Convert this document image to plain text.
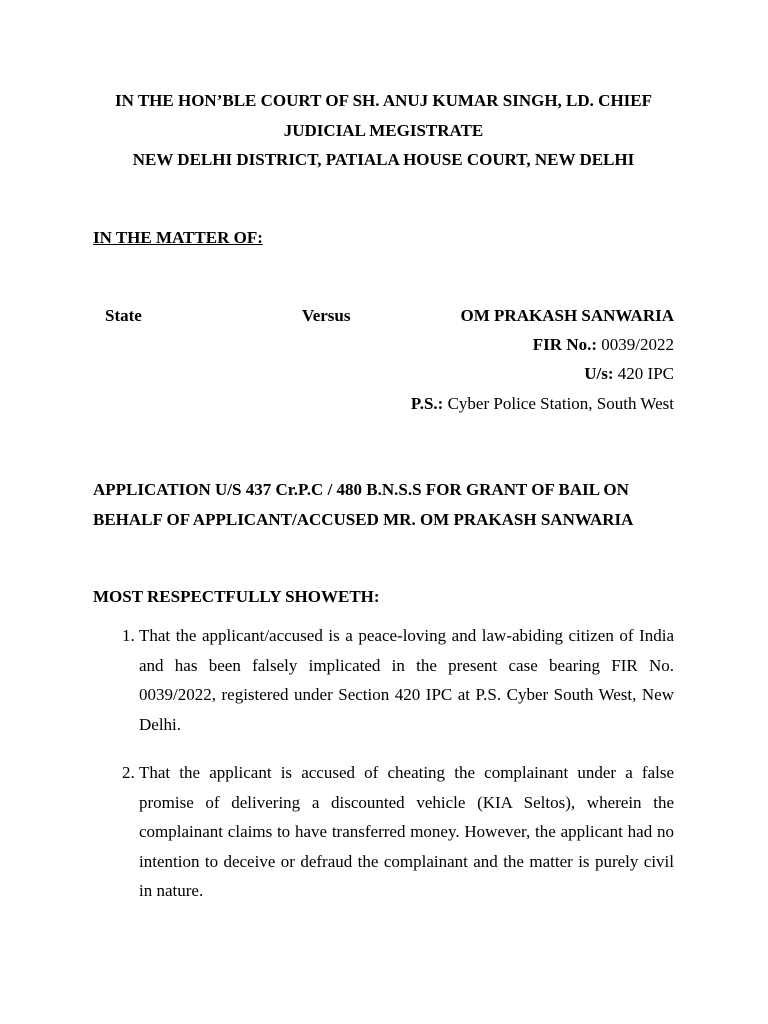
IN THE HON’BLE COURT OF SH. ANUJ KUMAR SINGH, LD. CHIEF
JUDICIAL MEGISTRATE
NEW DELHI DISTRICT, PATIALA HOUSE COURT, NEW DELHI
IN THE MATTER OF:
State	Versus	OM PRAKASH SANWARIA
FIR No.: 0039/2022
U/s: 420 IPC
P.S.: Cyber Police Station, South West
APPLICATION U/S 437 Cr.P.C / 480 B.N.S.S FOR GRANT OF BAIL ON
BEHALF OF APPLICANT/ACCUSED MR. OM PRAKASH SANWARIA
MOST RESPECTFULLY SHOWETH:
1. That the applicant/accused is a peace-loving and law-abiding citizen of India and has been falsely implicated in the present case bearing FIR No. 0039/2022, registered under Section 420 IPC at P.S. Cyber South West, New Delhi.
2. That the applicant is accused of cheating the complainant under a false promise of delivering a discounted vehicle (KIA Seltos), wherein the complainant claims to have transferred money. However, the applicant had no intention to deceive or defraud the complainant and the matter is purely civil in nature.
